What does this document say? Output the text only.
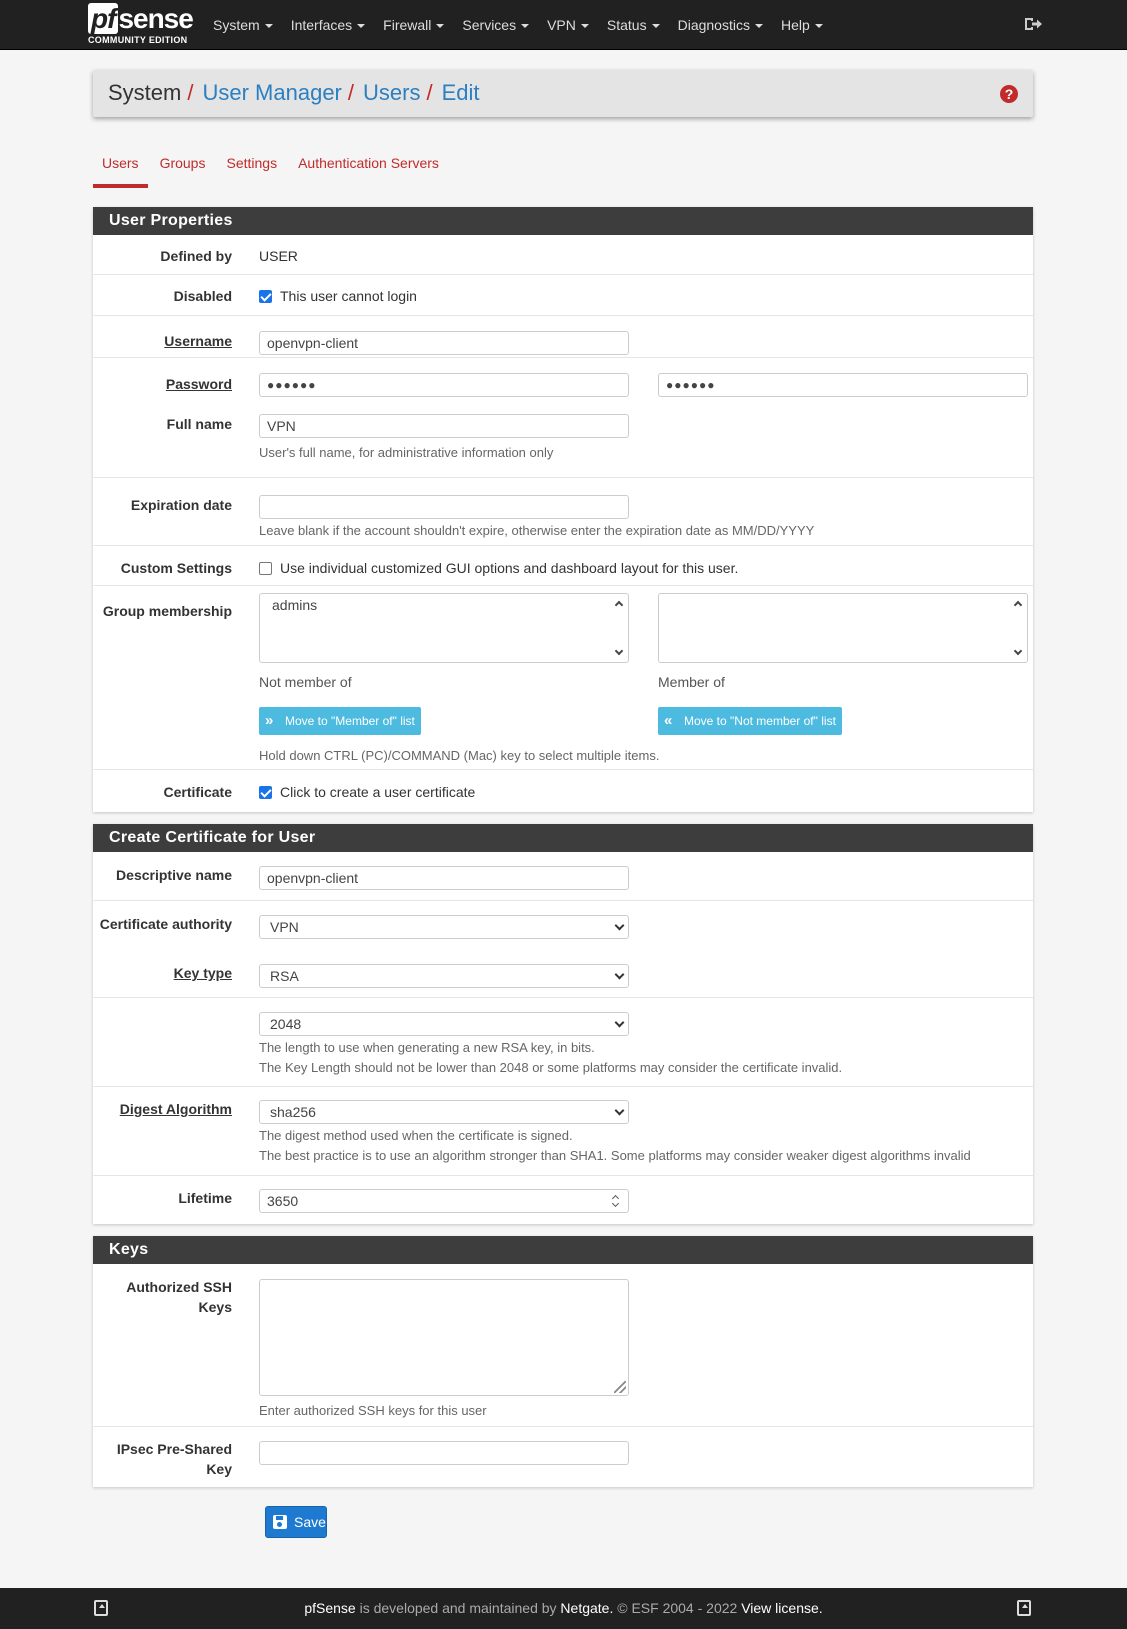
pf sense
COMMUNITY EDITION
System Interfaces Firewall Services VPN Status Diagnostics Help
System / User Manager / Users / Edit	?
Users	Groups	Settings	Authentication Servers
User Properties
Defined by USER
Disabled	This user cannot login
Username	openvpn-client
Password	●●●●●●	●●●●●●
Full name	VPN
User's full name, for administrative information only
Expiration date
Leave blank if the account shouldn't expire, otherwise enter the expiration date as MM/DD/YYYY
Custom Settings	Use individual customized GUI options and dashboard layout for this user.
Group membership	admins
Not member of	Member of
» Move to "Member of" list	« Move to "Not member of" list
Hold down CTRL (PC)/COMMAND (Mac) key to select multiple items.
Certificate	Click to create a user certificate
Create Certificate for User
Descriptive name	openvpn-client
Certificate authority	VPN
Key type	RSA
2048
The length to use when generating a new RSA key, in bits.
The Key Length should not be lower than 2048 or some platforms may consider the certificate invalid.
Digest Algorithm	sha256
The digest method used when the certificate is signed.
The best practice is to use an algorithm stronger than SHA1. Some platforms may consider weaker digest algorithms invalid
Lifetime	3650
Keys
Authorized SSH Keys
Enter authorized SSH keys for this user
IPsec Pre-Shared Key
Save
pfSense is developed and maintained by Netgate. © ESF 2004 - 2022 View license.
